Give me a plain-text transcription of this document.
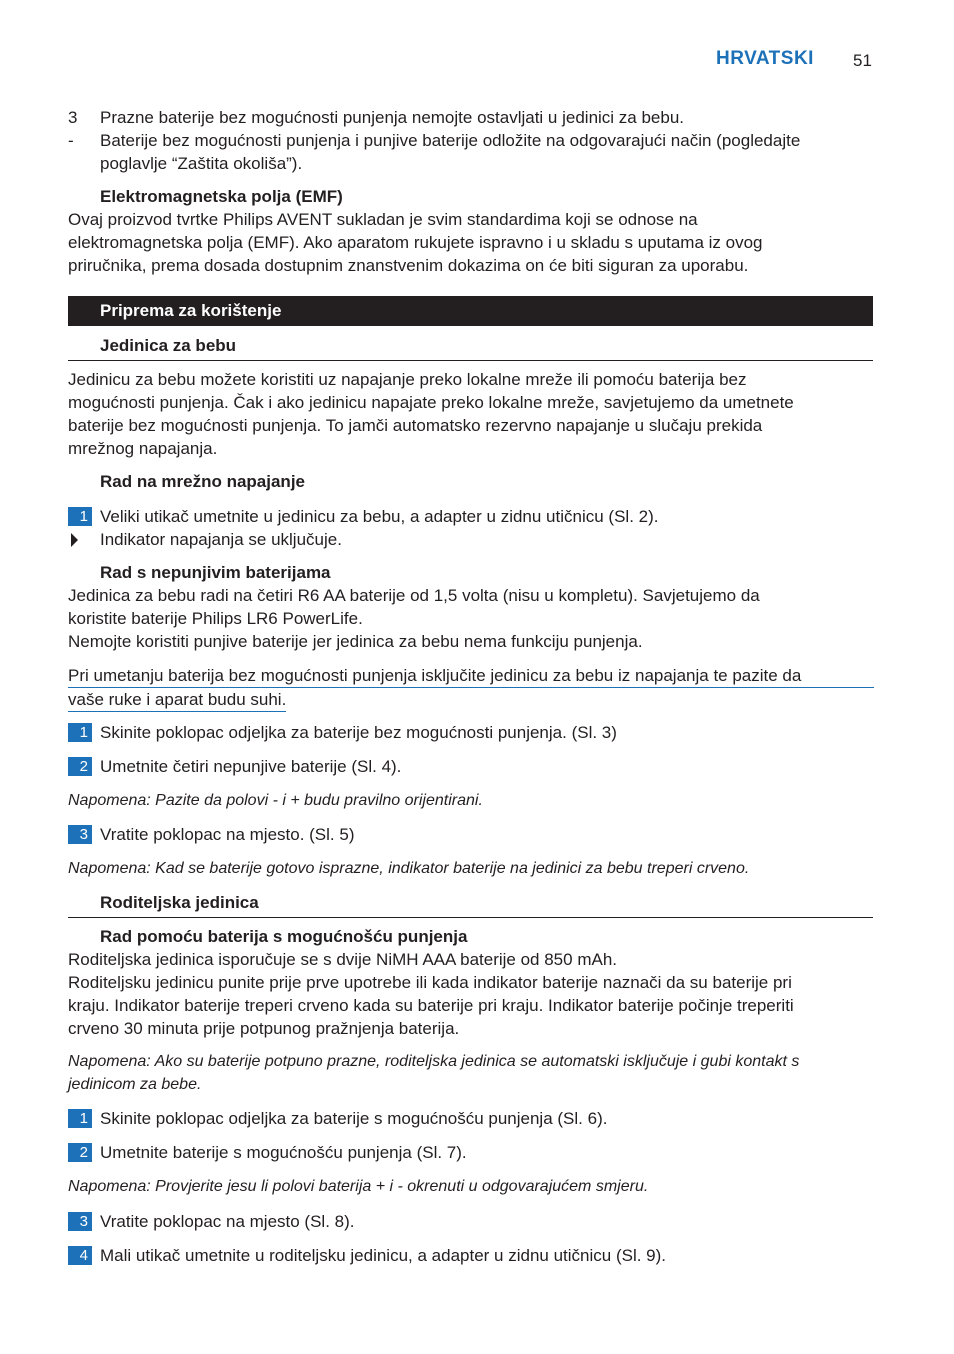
HRVATSKI 51
3	Prazne baterije bez mogućnosti punjenja nemojte ostavljati u jedinici za bebu.
-	Baterije bez mogućnosti punjenja i punjive baterije odložite na odgovarajući način (pogledajte
poglavlje “Zaštita okoliša”).
Elektromagnetska polja (EMF)
Ovaj proizvod tvrtke Philips AVENT sukladan je svim standardima koji se odnose na
elektromagnetska polja (EMF). Ako aparatom rukujete ispravno i u skladu s uputama iz ovog
priručnika, prema dosada dostupnim znanstvenim dokazima on će biti siguran za uporabu.
Priprema za korištenje
Jedinica za bebu
Jedinicu za bebu možete koristiti uz napajanje preko lokalne mreže ili pomoću baterija bez
mogućnosti punjenja. Čak i ako jedinicu napajate preko lokalne mreže, savjetujemo da umetnete
baterije bez mogućnosti punjenja. To jamči automatsko rezervno napajanje u slučaju prekida
mrežnog napajanja.
Rad na mrežno napajanje
1 Veliki utikač umetnite u jedinicu za bebu, a adapter u zidnu utičnicu (Sl. 2).
Indikator napajanja se uključuje.
Rad s nepunjivim baterijama
Jedinica za bebu radi na četiri R6 AA baterije od 1,5 volta (nisu u kompletu). Savjetujemo da
koristite baterije Philips LR6 PowerLife.
Nemojte koristiti punjive baterije jer jedinica za bebu nema funkciju punjenja.
Pri umetanju baterija bez mogućnosti punjenja isključite jedinicu za bebu iz napajanja te pazite da
vaše ruke i aparat budu suhi.
1 Skinite poklopac odjeljka za baterije bez mogućnosti punjenja. (Sl. 3)
2 Umetnite četiri nepunjive baterije (Sl. 4).
Napomena: Pazite da polovi - i + budu pravilno orijentirani.
3 Vratite poklopac na mjesto. (Sl. 5)
Napomena: Kad se baterije gotovo isprazne, indikator baterije na jedinici za bebu treperi crveno.
Roditeljska jedinica
Rad pomoću baterija s mogućnošću punjenja
Roditeljska jedinica isporučuje se s dvije NiMH AAA baterije od 850 mAh.
Roditeljsku jedinicu punite prije prve upotrebe ili kada indikator baterije naznači da su baterije pri
kraju. Indikator baterije treperi crveno kada su baterije pri kraju. Indikator baterije počinje treperiti
crveno 30 minuta prije potpunog pražnjenja baterija.
Napomena: Ako su baterije potpuno prazne, roditeljska jedinica se automatski isključuje i gubi kontakt s
jedinicom za bebe.
1 Skinite poklopac odjeljka za baterije s mogućnošću punjenja (Sl. 6).
2 Umetnite baterije s mogućnošću punjenja (Sl. 7).
Napomena: Provjerite jesu li polovi baterija + i - okrenuti u odgovarajućem smjeru.
3 Vratite poklopac na mjesto (Sl. 8).
4 Mali utikač umetnite u roditeljsku jedinicu, a adapter u zidnu utičnicu (Sl. 9).
